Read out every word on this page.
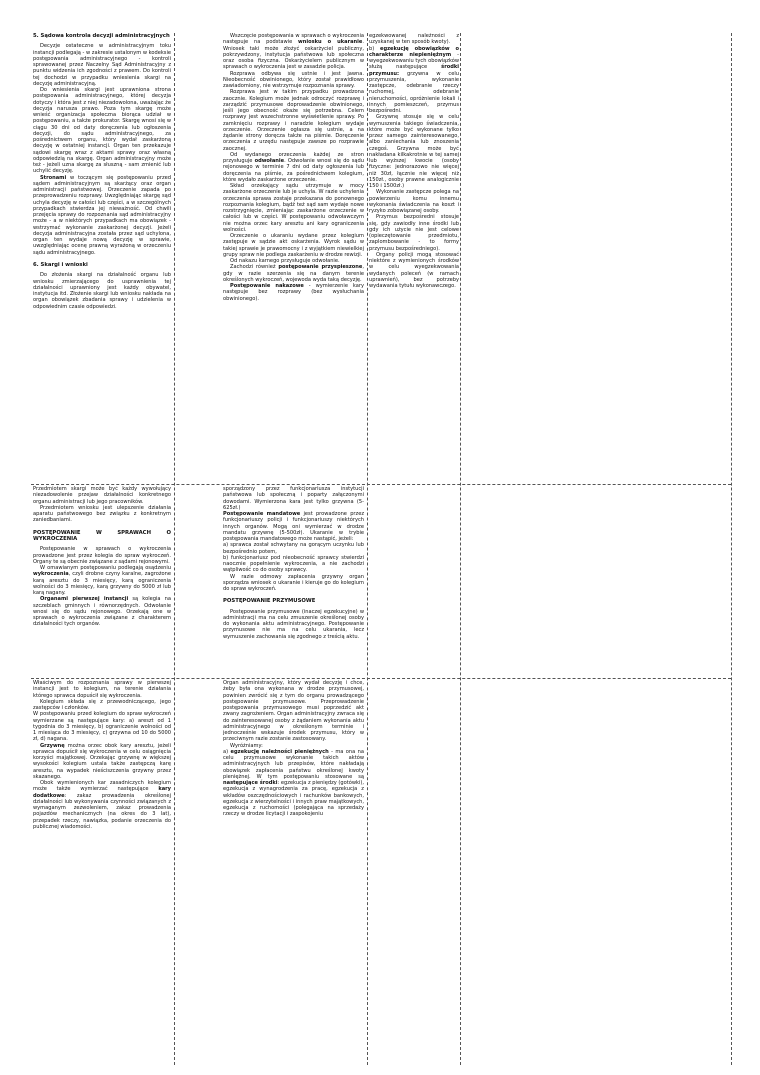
5. Sądowa kontrola decyzji administracyjnych

Decyzje ostateczne w administracyjnym toku instancji podlegają - w zakresie ustalonym w kodeksie postępowania administracyjnego - kontroli sprawowanej przez Naczelny Sąd Administracyjny z punktu widzenia ich zgodności z prawem. Do kontroli tej dochodzi w przypadku wniesienia skargi na decyzję administracyjną.

Do wniesienia skargi jest uprawniona strona postępowania administracyjnego, której decyzja dotyczy i która jest z niej niezadowolona, uważając że decyzja narusza prawo. Poza tym skargę może wnieść organizacja społeczna biorąca udział w postępowaniu, a także prokurator. Skargę wnosi się w ciągu 30 dni od daty doręczenia lub ogłoszenia decyzji, do sądu administracyjnego, za pośrednictwem organu, który wydał zaskarżoną decyzję w ostatniej instancji. Organ ten przekazuje sądowi skargę wraz z aktami sprawy oraz własną odpowiedzią na skargę. Organ administracyjny może też - jeżeli uzna skargę za słuszną - sam zmienić lub uchylić decyzję.

Stronami w toczącym się postępowaniu przed sądem administracyjnym są skarżący oraz organ administracji państwowej. Orzeczenie zapada po przeprowadzeniu rozprawy. Uwzględniając skargę sąd uchyla decyzję w całości lub części, a w szczególnych przypadkach stwierdza jej nieważność. Od chwili przejęcia sprawy do rozpoznania sąd administracyjny może - a w niektórych przypadkach ma obowiązek - wstrzymać wykonanie zaskarżonej decyzji. Jeżeli decyzja administracyjna została przez sąd uchylona, organ ten wydaje nową decyzję w sprawie, uwzględniając ocenę prawną wyrażoną w orzeczeniu sądu administracyjnego.

6. Skargi i wnioski

Do złożenia skargi na działalność organu lub wniosku zmierzającego do usprawnienia tej działalności uprawniony jest każdy obywatel, instytucja itd. Złożenie skargi lub wniosku nakłada na organ obowiązek zbadania sprawy i udzielenia w odpowiednim czasie odpowiedzi.

Wszczęcie postępowania w sprawach o wykroczenia następuje na podstawie wniosku o ukaranie. Wniosek taki może złożyć oskarżyciel publiczny, pokrzywdzony, instytucja państwowa lub społeczna oraz osoba fizyczna. Oskarżycielem publicznym w sprawach o wykroczenia jest w zasadzie policja.

Rozprawa odbywa się ustnie i jest jawna. Nieobecność obwinionego, który został prawidłowo zawiadomiony, nie wstrzymuje rozpoznania sprawy.

Rozprawa jest w takim przypadku prowadzona zaocznie. Kolegium może jednak odroczyć rozprawę i zarządzić przymusowe doprowadzenie obwinionego, jeśli jego obecność okaże się potrzebna. Celem rozprawy jest wszechstronne wyświetlenie sprawy. Po zamknięciu rozprawy i naradzie kolegium wydaje orzeczenie. Orzeczenie ogłasza się ustnie, a na żądanie strony doręcza także na piśmie. Doręczenie orzeczenia z urzędu następuje zawsze po rozprawie zaocznej.

Od wydanego orzeczenia każdej ze stron przysługuje odwołanie. Odwołanie wnosi się do sądu rejonowego w terminie 7 dni od daty ogłoszenia lub doręczenia na piśmie, za pośrednictwem kolegium, które wydało zaskarżone orzeczenie.

Skład orzekający sądu utrzymuje w mocy zaskarżone orzeczenie lub je uchyla. W razie uchylenia orzeczenia sprawa zostaje przekazana do ponownego rozpoznania kolegium, bądź też sąd sam wydaje nowe rozstrzygnięcie, zmieniając zaskarżone orzeczenie w całości lub w części. W postępowaniu odwoławczym nie można orzec kary aresztu ani kary ograniczenia wolności.

Orzeczenie o ukaraniu wydane przez kolegium zastępuje w sądzie akt oskarżenia. Wyrok sądu w takiej sprawie je prawomocny i z wyjątkiem niewielkiej grupy spraw nie podlega zaskarżeniu w drodze rewizji.

Od nakazu karnego przysługuje odwołanie.

Zachodzi również postępowanie przyspieszone, gdy w razie szerzenia się na danym terenie określonych wykroczeń, wojewoda wyda taką decyzję.

Postępowanie nakazowe - wymierzenie kary następuje bez rozprawy (bez wysłuchania obwinionego).

egzekwowanej należności z uzyskanej w ten sposób kwoty).

b) egzekucję obowiązków o charakterze niepieniężnym - wyegzekwowaniu tych obowiązków służą następujące środki przymusu: grzywna w celu przymuszenia, wykonanie zastępcze, odebranie rzeczy ruchomej, odebranie nieruchomości, opróżnienie lokali i innych pomieszczeń, przymus bezpośredni.

Grzywnę stosuje się w celu wymuszenia takiego świadczenia, które może być wykonane tylko przez samego zainteresowanego, albo zaniechania lub znoszenia czegoś. Grzywna może być nakładana kilkakrotnie w tej samej lub wyższej kwocie (osoby fizyczne: jednorazowo nie więcej niż 30zł, łącznie nie więcej niż 150zł., osoby prawne analogicznie 150 i 1500zł.)

Wykonanie zastępcze polega na powierzeniu komu innemu wykonania świadczenia na koszt i ryzyko zobowiązanej osoby.

Przymus bezpośredni stosuje się, gdy zawiodły inne środki lub gdy ich użycie nie jest celowe (opieczętowanie przedmiotu, zaplombowanie - to formy przymusu bezpośredniego).

Organy policji mogą stosować niektóre z wymienionych środków w celu wyegzekwowania wydanych poleceń (w ramach uprawnień), bez potrzeby wydawania tytułu wykonawczego.

Przedmiotem skargi może być każdy wywołujący niezadowolenie przejaw działalności konkretnego organu administracji lub jego pracowników.

Przedmiotem wniosku jest ulepszenie działania aparatu państwowego bez związku z konkretnym zaniedbaniami.

POSTĘPOWANIE W SPRAWACH O WYKROCZENIA

Postępowanie w sprawach o wykroczenia prowadzone jest przez kolegia do spraw wykroczeń. Organy te są obecnie związane z sądami rejonowymi.

W omawianym postępowaniu podlegają osądzeniu wykroczenia, czyli drobne czyny karalne, zagrożone karą aresztu do 3 miesięcy, karą ograniczenia wolności do 3 miesięcy, karą grzywny do 5000 zł lub karą nagany.

Organami pierwszej instancji są kolegia na szczeblach gminnych i równorzędnych. Odwołanie wnosi się do sądu rejonowego. Orzekają one w sprawach o wykroczenia związane z charakterem działalności tych organów.

sporządzony przez funkcjonariusza instytucji państwowa lub społeczną i poparty załączonymi dowodami. Wymierzona kara jest tylko grzywna (5-625zł.)

Postępowanie mandatowe jest prowadzone przez funkcjonariuszy policji i funkcjonariuszy niektórych innych organów. Mogą oni wymierzać w drodze mandatu grzywnę (5-500zł). Ukaranie w trybie postępowania mandatowego może nastąpić, jeżeli:

a) sprawca został schwytany na gorącym uczynku lub bezpośrednio potem,

b) funkcjonariusz pod nieobecność sprawcy stwierdzi naocznie popełnienie wykroczenia, a nie zachodzi wątpliwość co do osoby sprawcy.

W razie odmowy zapłacenia grzywny organ sporządza wniosek o ukaranie i kieruje go do kolegium do spraw wykroczeń.

POSTĘPOWANIE PRZYMUSOWE

Postępowanie przymusowe (inaczej egzekucyjne) w administracji ma na celu zmuszenie określonej osoby do wykonania aktu administracyjnego. Postępowanie przymusowe nie ma na celu ukarania, lecz wymuszenie zachowania się zgodnego z treścią aktu.

Właściwym do rozpoznania sprawy w pierwszej instancji jest to kolegium, na terenie działania którego sprawca dopuścił się wykroczenia.

Kolegium składa się z przewodniczącego, jego zastępców i członków.

W postępowaniu przed kolegium do spraw wykroczeń wymierzane są następujące kary: a) areszt od 1 tygodnia do 3 miesięcy, b) ograniczenie wolności od 1 miesiąca do 3 miesięcy, c) grzywna od 10 do 5000 zł, d) nagana.

Grzywnę można orzec obok kary aresztu, jeżeli sprawca dopuścił się wykroczenia w celu osiągnięcia korzyści majątkowej. Orzekając grzywnę w większej wysokości kolegium ustala także zastępczą karę aresztu, na wypadek nieściszczenia grzywny przez skazanego.

Obok wymienionych kar zasadniczych kolegium może także wymierzać następujące kary dodatkowe: zakaz prowadzenia określonej działalności lub wykonywania czynności związanych z wymaganym zezwoleniem, zakaz prowadzenia pojazdów mechanicznych (na okres do 3 lat), przepadek rzeczy, nawiązka, podanie orzeczenia do publicznej wiadomości.

Organ administracyjny, który wydał decyzję i chce, żeby była ona wykonana w drodze przymusowej, powinien zwrócić się z tym do organu prowadzącego postępowanie przymusowe. Przeprowadzenie postępowania przymusowego musi poprzedzić akt zwany zagrożeniem. Organ administracyjny zwraca się do zainteresowanej osoby z żądaniem wykonania aktu administracyjnego w określonym terminie i jednocześnie wskazuje środek przymusu, który w przeciwnym razie zostanie zastosowany.

Wyróżniamy:

a) egzekucję należności pieniężnych - ma ona na celu przymusowe wykonanie takich aktów administracyjnych lub przepisów, które nakładają obowiązek zapłacenia państwu określonej kwoty pieniężnej. W tym postępowaniu stosowane są następujące środki: egzekucja z pieniędzy (gotówki), egzekucja z wynagrodzenia za pracę, egzekucja z wkładów oszczędnościowych i rachunków bankowych, egzekucja z wierzytelności i innych praw majątkowych, egzekucja z ruchomości (polegająca na sprzedaży rzeczy w drodze licytacji i zaspokojeniu
